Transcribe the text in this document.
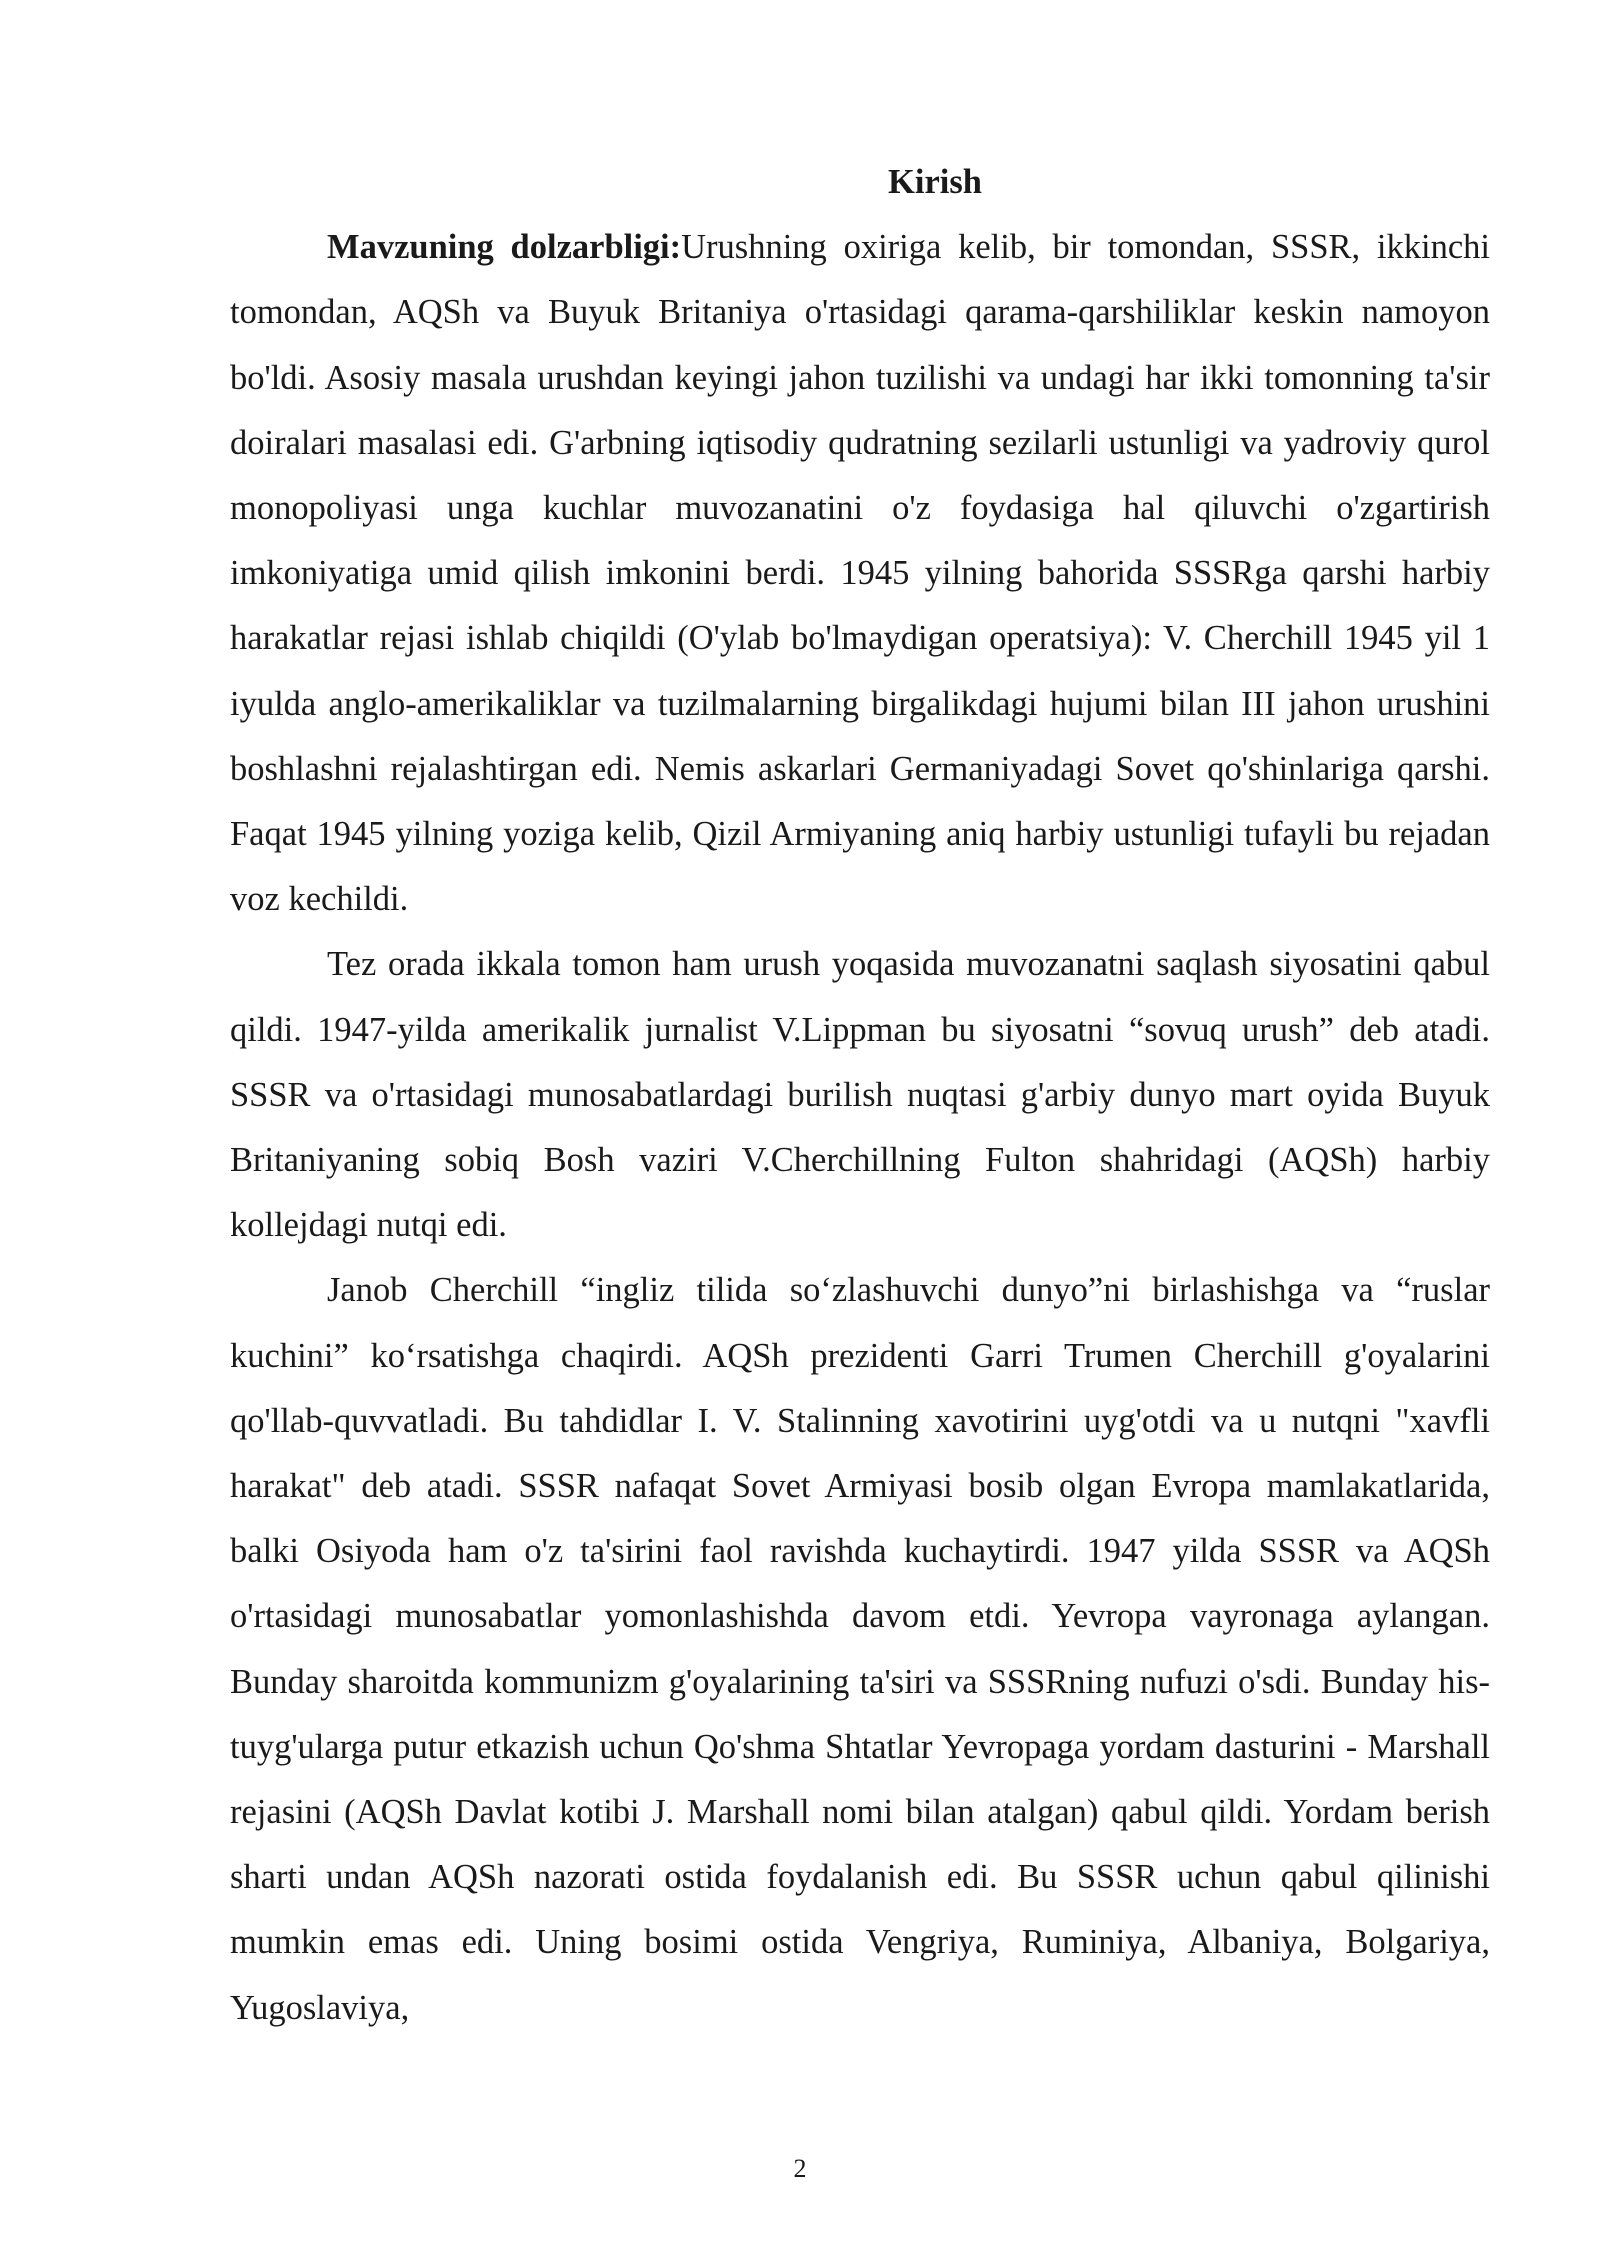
Kirish

Mavzuning dolzarbligi:Urushning oxiriga kelib, bir tomondan, SSSR, ikkinchi tomondan, AQSh va Buyuk Britaniya o'rtasidagi qarama-qarshiliklar keskin namoyon bo'ldi. Asosiy masala urushdan keyingi jahon tuzilishi va undagi har ikki tomonning ta'sir doiralari masalasi edi. G'arbning iqtisodiy qudratning sezilarli ustunligi va yadroviy qurol monopoliyasi unga kuchlar muvozanatini o'z foydasiga hal qiluvchi o'zgartirish imkoniyatiga umid qilish imkonini berdi. 1945 yilning bahorida SSSRga qarshi harbiy harakatlar rejasi ishlab chiqildi (O'ylab bo'lmaydigan operatsiya): V. Cherchill 1945 yil 1 iyulda anglo-amerikaliklar va tuzilmalarning birgalikdagi hujumi bilan III jahon urushini boshlashni rejalashtirgan edi. Nemis askarlari Germaniyadagi Sovet qo'shinlariga qarshi. Faqat 1945 yilning yoziga kelib, Qizil Armiyaning aniq harbiy ustunligi tufayli bu rejadan voz kechildi.

Tez orada ikkala tomon ham urush yoqasida muvozanatni saqlash siyosatini qabul qildi. 1947-yilda amerikalik jurnalist V.Lippman bu siyosatni “sovuq urush” deb atadi. SSSR va o'rtasidagi munosabatlardagi burilish nuqtasi g'arbiy dunyo mart oyida Buyuk Britaniyaning sobiq Bosh vaziri V.Cherchillning Fulton shahridagi (AQSh) harbiy kollejdagi nutqi edi.

Janob Cherchill “ingliz tilida so‘zlashuvchi dunyo”ni birlashishga va “ruslar kuchini” ko‘rsatishga chaqirdi. AQSh prezidenti Garri Trumen Cherchill g'oyalarini qo'llab-quvvatladi. Bu tahdidlar I. V. Stalinning xavotirini uyg'otdi va u nutqni "xavfli harakat" deb atadi. SSSR nafaqat Sovet Armiyasi bosib olgan Evropa mamlakatlarida, balki Osiyoda ham o'z ta'sirini faol ravishda kuchaytirdi. 1947 yilda SSSR va AQSh o'rtasidagi munosabatlar yomonlashishda davom etdi. Yevropa vayronaga aylangan. Bunday sharoitda kommunizm g'oyalarining ta'siri va SSSRning nufuzi o'sdi. Bunday his-tuyg'ularga putur etkazish uchun Qo'shma Shtatlar Yevropaga yordam dasturini - Marshall rejasini (AQSh Davlat kotibi J. Marshall nomi bilan atalgan) qabul qildi. Yordam berish sharti undan AQSh nazorati ostida foydalanish edi. Bu SSSR uchun qabul qilinishi mumkin emas edi. Uning bosimi ostida Vengriya, Ruminiya, Albaniya, Bolgariya, Yugoslaviya,

2
